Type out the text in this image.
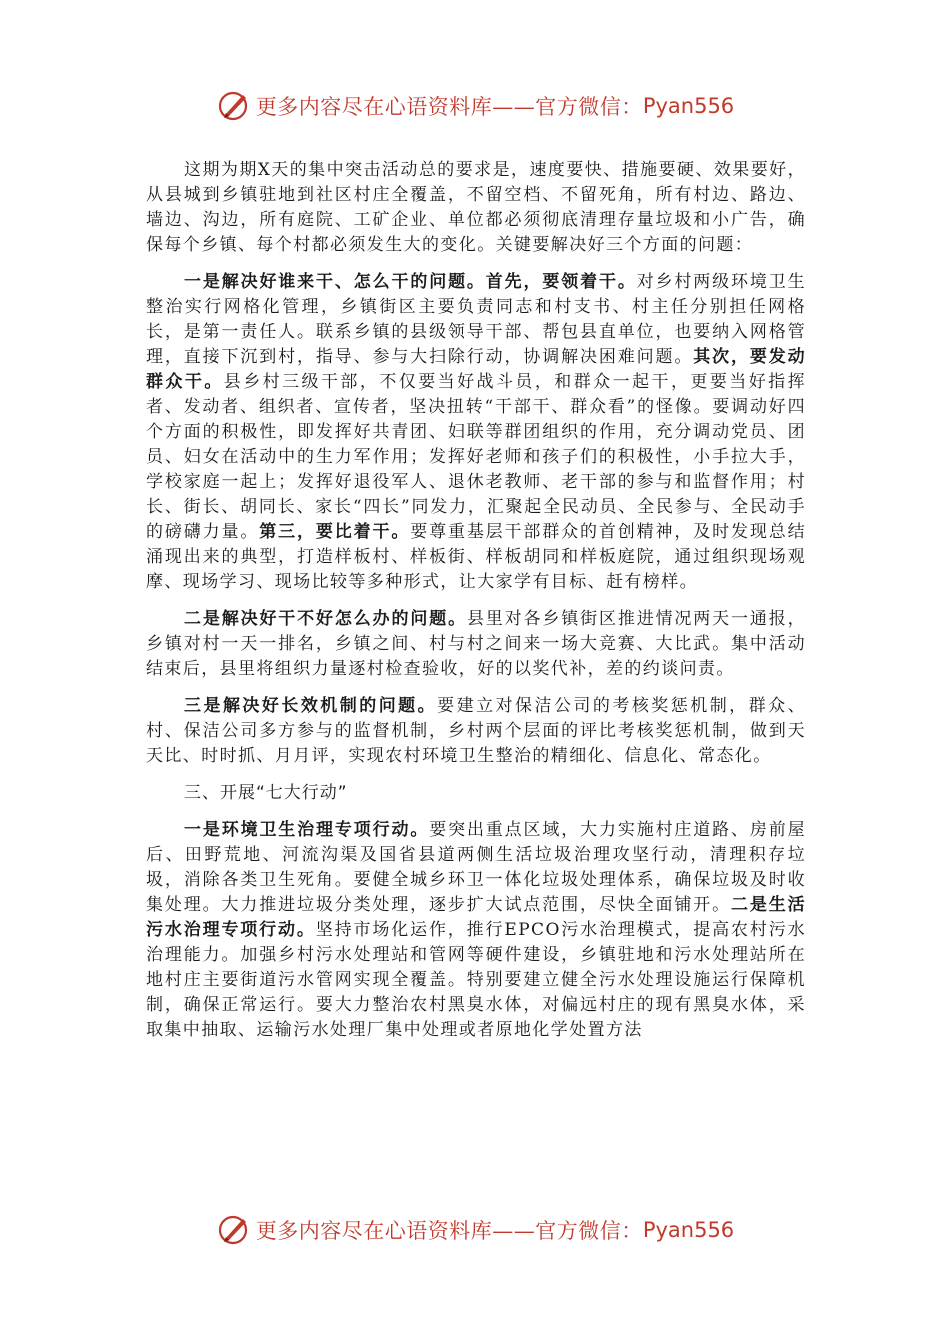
更多内容尽在心语资料库——官方微信： Pyan556

这期为期X天的集中突击活动总的要求是，速度要快、措施要硬、效果要好，从县城到乡镇驻地到社区村庄全覆盖，不留空档、不留死角，所有村边、路边、墙边、沟边，所有庭院、工矿企业、单位都必须彻底清理存量垃圾和小广告，确保每个乡镇、每个村都必须发生大的变化。关键要解决好三个方面的问题：

一是解决好谁来干、怎么干的问题。首先，要领着干。对乡村两级环境卫生整治实行网格化管理，乡镇街区主要负责同志和村支书、村主任分别担任网格长，是第一责任人。联系乡镇的县级领导干部、帮包县直单位，也要纳入网格管理，直接下沉到村，指导、参与大扫除行动，协调解决困难问题。其次，要发动群众干。县乡村三级干部，不仅要当好战斗员，和群众一起干，更要当好指挥者、发动者、组织者、宣传者，坚决扭转“干部干、群众看”的怪像。要调动好四个方面的积极性，即发挥好共青团、妇联等群团组织的作用，充分调动党员、团员、妇女在活动中的生力军作用；发挥好老师和孩子们的积极性，小手拉大手，学校家庭一起上；发挥好退役军人、退休老教师、老干部的参与和监督作用；村长、街长、胡同长、家长“四长”同发力，汇聚起全民动员、全民参与、全民动手的磅礴力量。第三，要比着干。要尊重基层干部群众的首创精神，及时发现总结涌现出来的典型，打造样板村、样板街、样板胡同和样板庭院，通过组织现场观摩、现场学习、现场比较等多种形式，让大家学有目标、赶有榜样。

二是解决好干不好怎么办的问题。县里对各乡镇街区推进情况两天一通报，乡镇对村一天一排名，乡镇之间、村与村之间来一场大竞赛、大比武。集中活动结束后，县里将组织力量逐村检查验收，好的以奖代补，差的约谈问责。

三是解决好长效机制的问题。要建立对保洁公司的考核奖惩机制，群众、村、保洁公司多方参与的监督机制，乡村两个层面的评比考核奖惩机制，做到天天比、时时抓、月月评，实现农村环境卫生整治的精细化、信息化、常态化。

三、开展“七大行动”

一是环境卫生治理专项行动。要突出重点区域，大力实施村庄道路、房前屋后、田野荒地、河流沟渠及国省县道两侧生活垃圾治理攻坚行动，清理积存垃圾，消除各类卫生死角。要健全城乡环卫一体化垃圾处理体系，确保垃圾及时收集处理。大力推进垃圾分类处理，逐步扩大试点范围，尽快全面铺开。二是生活污水治理专项行动。坚持市场化运作，推行EPCO污水治理模式，提高农村污水治理能力。加强乡村污水处理站和管网等硬件建设，乡镇驻地和污水处理站所在地村庄主要街道污水管网实现全覆盖。特别要建立健全污水处理设施运行保障机制，确保正常运行。要大力整治农村黑臭水体，对偏远村庄的现有黑臭水体，采取集中抽取、运输污水处理厂集中处理或者原地化学处置方法

更多内容尽在心语资料库——官方微信： Pyan556
